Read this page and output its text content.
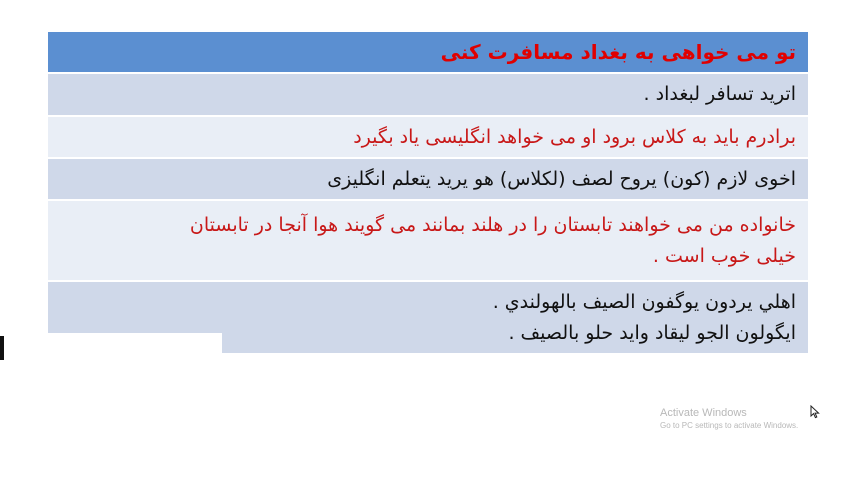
تو می خواهی به بغداد مسافرت کنی
اترید تسافر لبغداد .
برادرم باید به کلاس برود او می خواهد انگلیسی یاد بگیرد
اخوی لازم (کون) یروح لصف (لکلاس) هو یرید یتعلم انگلیزی
خانواده من می خواهند تابستان را در هلند بمانند می گویند هوا آنجا در تابستان
خیلی خوب است .
اهلي يردون يوگفون الصيف بالهولندي .
ايگولون الجو ليقاد وايد حلو بالصيف .
Activate Windows
Go to PC settings to activate Windows.
